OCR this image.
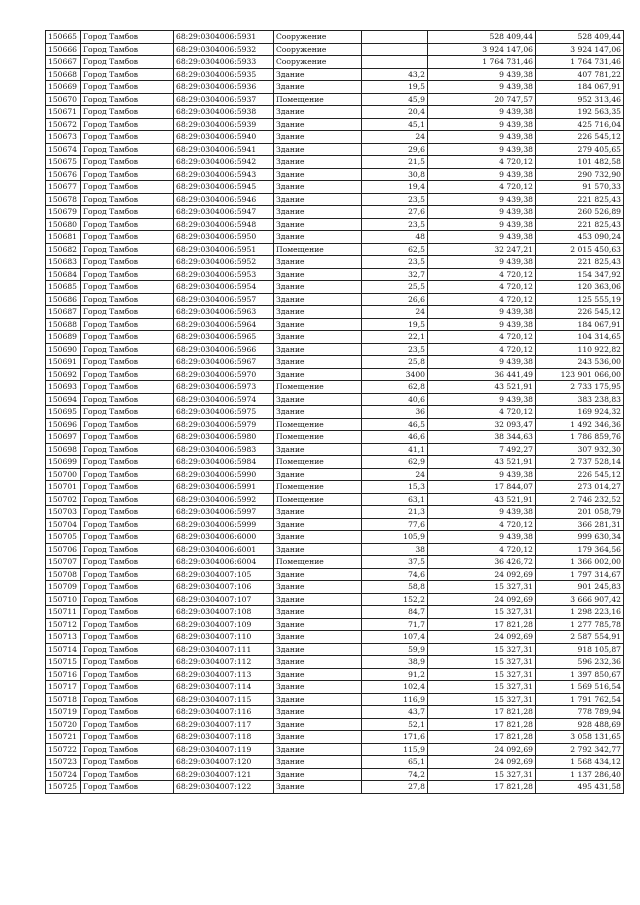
150665	Город Тамбов	68:29:0304006:5931	Сооружение		528 409,44	528 409,44
150666	Город Тамбов	68:29:0304006:5932	Сооружение		3 924 147,06	3 924 147,06
150667	Город Тамбов	68:29:0304006:5933	Сооружение		1 764 731,46	1 764 731,46
150668	Город Тамбов	68:29:0304006:5935	Здание	43,2	9 439,38	407 781,22
150669	Город Тамбов	68:29:0304006:5936	Здание	19,5	9 439,38	184 067,91
150670	Город Тамбов	68:29:0304006:5937	Помещение	45,9	20 747,57	952 313,46
150671	Город Тамбов	68:29:0304006:5938	Здание	20,4	9 439,38	192 563,35
150672	Город Тамбов	68:29:0304006:5939	Здание	45,1	9 439,38	425 716,04
150673	Город Тамбов	68:29:0304006:5940	Здание	24	9 439,38	226 545,12
150674	Город Тамбов	68:29:0304006:5941	Здание	29,6	9 439,38	279 405,65
150675	Город Тамбов	68:29:0304006:5942	Здание	21,5	4 720,12	101 482,58
150676	Город Тамбов	68:29:0304006:5943	Здание	30,8	9 439,38	290 732,90
150677	Город Тамбов	68:29:0304006:5945	Здание	19,4	4 720,12	91 570,33
150678	Город Тамбов	68:29:0304006:5946	Здание	23,5	9 439,38	221 825,43
150679	Город Тамбов	68:29:0304006:5947	Здание	27,6	9 439,38	260 526,89
150680	Город Тамбов	68:29:0304006:5948	Здание	23,5	9 439,38	221 825,43
150681	Город Тамбов	68:29:0304006:5950	Здание	48	9 439,38	453 090,24
150682	Город Тамбов	68:29:0304006:5951	Помещение	62,5	32 247,21	2 015 450,63
150683	Город Тамбов	68:29:0304006:5952	Здание	23,5	9 439,38	221 825,43
150684	Город Тамбов	68:29:0304006:5953	Здание	32,7	4 720,12	154 347,92
150685	Город Тамбов	68:29:0304006:5954	Здание	25,5	4 720,12	120 363,06
150686	Город Тамбов	68:29:0304006:5957	Здание	26,6	4 720,12	125 555,19
150687	Город Тамбов	68:29:0304006:5963	Здание	24	9 439,38	226 545,12
150688	Город Тамбов	68:29:0304006:5964	Здание	19,5	9 439,38	184 067,91
150689	Город Тамбов	68:29:0304006:5965	Здание	22,1	4 720,12	104 314,65
150690	Город Тамбов	68:29:0304006:5966	Здание	23,5	4 720,12	110 922,82
150691	Город Тамбов	68:29:0304006:5967	Здание	25,8	9 439,38	243 536,00
150692	Город Тамбов	68:29:0304006:5970	Здание	3400	36 441,49	123 901 066,00
150693	Город Тамбов	68:29:0304006:5973	Помещение	62,8	43 521,91	2 733 175,95
150694	Город Тамбов	68:29:0304006:5974	Здание	40,6	9 439,38	383 238,83
150695	Город Тамбов	68:29:0304006:5975	Здание	36	4 720,12	169 924,32
150696	Город Тамбов	68:29:0304006:5979	Помещение	46,5	32 093,47	1 492 346,36
150697	Город Тамбов	68:29:0304006:5980	Помещение	46,6	38 344,63	1 786 859,76
150698	Город Тамбов	68:29:0304006:5983	Здание	41,1	7 492,27	307 932,30
150699	Город Тамбов	68:29:0304006:5984	Помещение	62,9	43 521,91	2 737 528,14
150700	Город Тамбов	68:29:0304006:5990	Здание	24	9 439,38	226 545,12
150701	Город Тамбов	68:29:0304006:5991	Помещение	15,3	17 844,07	273 014,27
150702	Город Тамбов	68:29:0304006:5992	Помещение	63,1	43 521,91	2 746 232,52
150703	Город Тамбов	68:29:0304006:5997	Здание	21,3	9 439,38	201 058,79
150704	Город Тамбов	68:29:0304006:5999	Здание	77,6	4 720,12	366 281,31
150705	Город Тамбов	68:29:0304006:6000	Здание	105,9	9 439,38	999 630,34
150706	Город Тамбов	68:29:0304006:6001	Здание	38	4 720,12	179 364,56
150707	Город Тамбов	68:29:0304006:6004	Помещение	37,5	36 426,72	1 366 002,00
150708	Город Тамбов	68:29:0304007:105	Здание	74,6	24 092,69	1 797 314,67
150709	Город Тамбов	68:29:0304007:106	Здание	58,8	15 327,31	901 245,83
150710	Город Тамбов	68:29:0304007:107	Здание	152,2	24 092,69	3 666 907,42
150711	Город Тамбов	68:29:0304007:108	Здание	84,7	15 327,31	1 298 223,16
150712	Город Тамбов	68:29:0304007:109	Здание	71,7	17 821,28	1 277 785,78
150713	Город Тамбов	68:29:0304007:110	Здание	107,4	24 092,69	2 587 554,91
150714	Город Тамбов	68:29:0304007:111	Здание	59,9	15 327,31	918 105,87
150715	Город Тамбов	68:29:0304007:112	Здание	38,9	15 327,31	596 232,36
150716	Город Тамбов	68:29:0304007:113	Здание	91,2	15 327,31	1 397 850,67
150717	Город Тамбов	68:29:0304007:114	Здание	102,4	15 327,31	1 569 516,54
150718	Город Тамбов	68:29:0304007:115	Здание	116,9	15 327,31	1 791 762,54
150719	Город Тамбов	68:29:0304007:116	Здание	43,7	17 821,28	778 789,94
150720	Город Тамбов	68:29:0304007:117	Здание	52,1	17 821,28	928 488,69
150721	Город Тамбов	68:29:0304007:118	Здание	171,6	17 821,28	3 058 131,65
150722	Город Тамбов	68:29:0304007:119	Здание	115,9	24 092,69	2 792 342,77
150723	Город Тамбов	68:29:0304007:120	Здание	65,1	24 092,69	1 568 434,12
150724	Город Тамбов	68:29:0304007:121	Здание	74,2	15 327,31	1 137 286,40
150725	Город Тамбов	68:29:0304007:122	Здание	27,8	17 821,28	495 431,58
